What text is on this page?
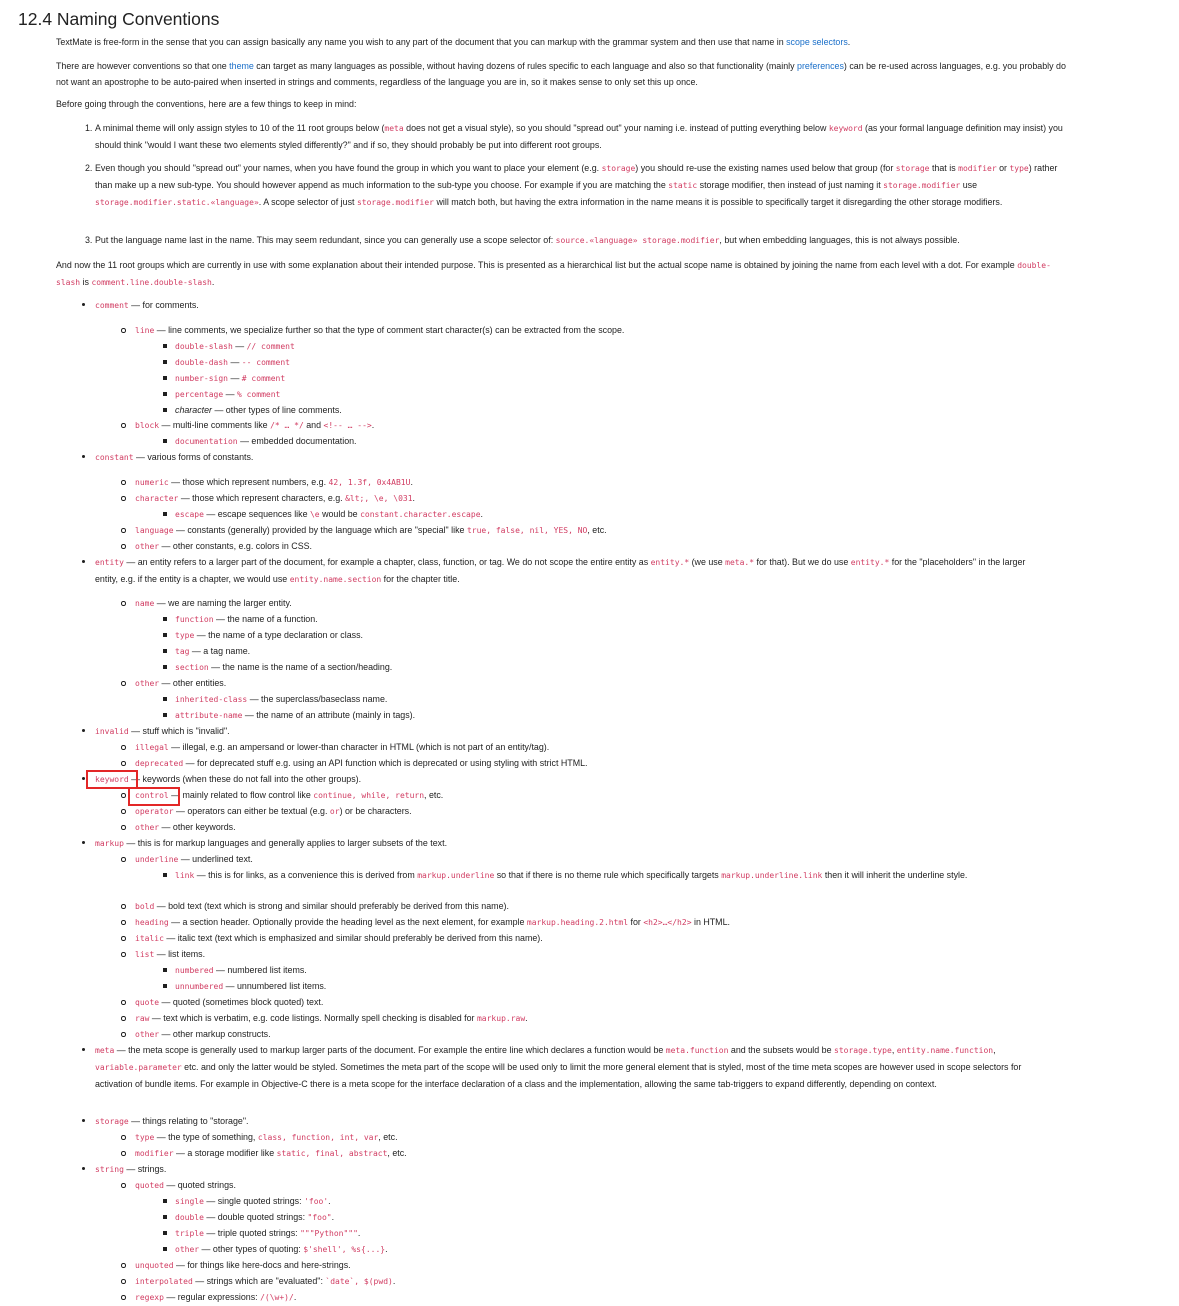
12.4 Naming Conventions

TextMate is free-form in the sense that you can assign basically any name you wish to any part of the document that you can markup with the grammar system and then use that name in scope selectors.

There are however conventions so that one theme can target as many languages as possible, without having dozens of rules specific to each language and also so that functionality (mainly preferences) can be re-used across languages, e.g. you probably do not want an apostrophe to be auto-paired when inserted in strings and comments, regardless of the language you are in, so it makes sense to only set this up once.

Before going through the conventions, here are a few things to keep in mind:

1. A minimal theme will only assign styles to 10 of the 11 root groups below (meta does not get a visual style), so you should "spread out" your naming i.e. instead of putting everything below keyword (as your formal language definition may insist) you should think "would I want these two elements styled differently?" and if so, they should probably be put into different root groups.
2. Even though you should "spread out" your names, when you have found the group in which you want to place your element (e.g. storage) you should re-use the existing names used below that group (for storage that is modifier or type) rather than make up a new sub-type. You should however append as much information to the sub-type you choose. For example if you are matching the static storage modifier, then instead of just naming it storage.modifier use storage.modifier.static.«language». A scope selector of just storage.modifier will match both, but having the extra information in the name means it is possible to specifically target it disregarding the other storage modifiers.
3. Put the language name last in the name. This may seem redundant, since you can generally use a scope selector of: source.«language» storage.modifier, but when embedding languages, this is not always possible.

And now the 11 root groups which are currently in use with some explanation about their intended purpose. This is presented as a hierarchical list but the actual scope name is obtained by joining the name from each level with a dot. For example double-slash is comment.line.double-slash.

comment — for comments.
line — line comments, we specialize further so that the type of comment start character(s) can be extracted from the scope.
double-slash — // comment
double-dash — -- comment
number-sign — # comment
percentage — % comment
character — other types of line comments.
block — multi-line comments like /* … */ and <!-- … -->.
documentation — embedded documentation.
constant — various forms of constants.
numeric — those which represent numbers, e.g. 42, 1.3f, 0x4AB1U.
character — those which represent characters, e.g. &lt;, \e, \031.
escape — escape sequences like \e would be constant.character.escape.
language — constants (generally) provided by the language which are "special" like true, false, nil, YES, NO, etc.
other — other constants, e.g. colors in CSS.
entity — an entity refers to a larger part of the document, for example a chapter, class, function, or tag. We do not scope the entire entity as entity.* (we use meta.* for that). But we do use entity.* for the "placeholders" in the larger entity, e.g. if the entity is a chapter, we would use entity.name.section for the chapter title.
name — we are naming the larger entity.
function — the name of a function.
type — the name of a type declaration or class.
tag — a tag name.
section — the name is the name of a section/heading.
other — other entities.
inherited-class — the superclass/baseclass name.
attribute-name — the name of an attribute (mainly in tags).
invalid — stuff which is "invalid".
illegal — illegal, e.g. an ampersand or lower-than character in HTML (which is not part of an entity/tag).
deprecated — for deprecated stuff e.g. using an API function which is deprecated or using styling with strict HTML.
keyword — keywords (when these do not fall into the other groups).
control — mainly related to flow control like continue, while, return, etc.
operator — operators can either be textual (e.g. or) or be characters.
other — other keywords.
markup — this is for markup languages and generally applies to larger subsets of the text.
underline — underlined text.
link — this is for links, as a convenience this is derived from markup.underline so that if there is no theme rule which specifically targets markup.underline.link then it will inherit the underline style.
bold — bold text (text which is strong and similar should preferably be derived from this name).
heading — a section header. Optionally provide the heading level as the next element, for example markup.heading.2.html for <h2>…</h2> in HTML.
italic — italic text (text which is emphasized and similar should preferably be derived from this name).
list — list items.
numbered — numbered list items.
unnumbered — unnumbered list items.
quote — quoted (sometimes block quoted) text.
raw — text which is verbatim, e.g. code listings. Normally spell checking is disabled for markup.raw.
other — other markup constructs.
meta — the meta scope is generally used to markup larger parts of the document. For example the entire line which declares a function would be meta.function and the subsets would be storage.type, entity.name.function, variable.parameter etc. and only the latter would be styled. Sometimes the meta part of the scope will be used only to limit the more general element that is styled, most of the time meta scopes are however used in scope selectors for activation of bundle items. For example in Objective-C there is a meta scope for the interface declaration of a class and the implementation, allowing the same tab-triggers to expand differently, depending on context.
storage — things relating to "storage".
type — the type of something, class, function, int, var, etc.
modifier — a storage modifier like static, final, abstract, etc.
string — strings.
quoted — quoted strings.
single — single quoted strings: 'foo'.
double — double quoted strings: "foo".
triple — triple quoted strings: """Python""".
other — other types of quoting: $'shell', %s{...}.
unquoted — for things like here-docs and here-strings.
interpolated — strings which are "evaluated": `date`, $(pwd).
regexp — regular expressions: /(\w+)/.
